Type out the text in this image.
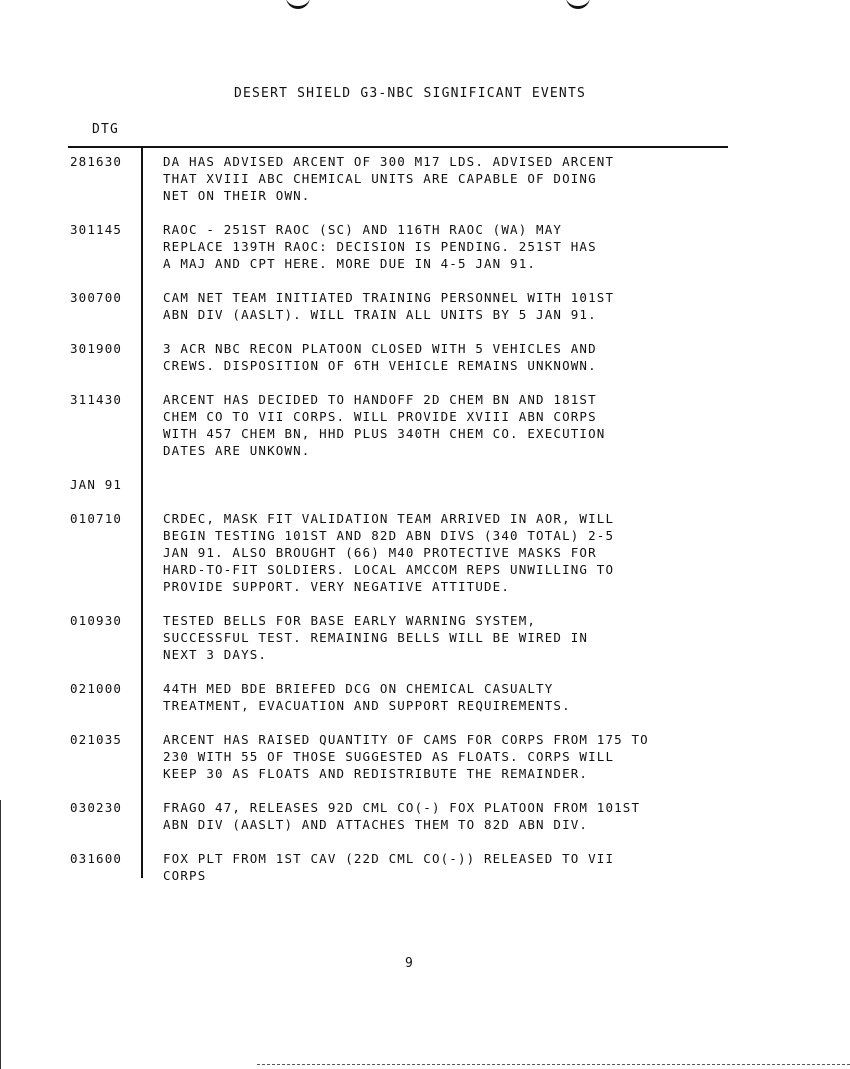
DESERT SHIELD G3-NBC SIGNIFICANT EVENTS
DTG
281630	DA HAS ADVISED ARCENT OF 300 M17 LDS. ADVISED ARCENT
THAT XVIII ABC CHEMICAL UNITS ARE CAPABLE OF DOING
NET ON THEIR OWN.
301145	RAOC - 251ST RAOC (SC) AND 116TH RAOC (WA) MAY
REPLACE 139TH RAOC: DECISION IS PENDING. 251ST HAS
A MAJ AND CPT HERE. MORE DUE IN 4-5 JAN 91.
300700	CAM NET TEAM INITIATED TRAINING PERSONNEL WITH 101ST
ABN DIV (AASLT). WILL TRAIN ALL UNITS BY 5 JAN 91.
301900	3 ACR NBC RECON PLATOON CLOSED WITH 5 VEHICLES AND
CREWS. DISPOSITION OF 6TH VEHICLE REMAINS UNKNOWN.
311430	ARCENT HAS DECIDED TO HANDOFF 2D CHEM BN AND 181ST
CHEM CO TO VII CORPS. WILL PROVIDE XVIII ABN CORPS
WITH 457 CHEM BN, HHD PLUS 340TH CHEM CO. EXECUTION
DATES ARE UNKOWN.
JAN 91
010710	CRDEC, MASK FIT VALIDATION TEAM ARRIVED IN AOR, WILL
BEGIN TESTING 101ST AND 82D ABN DIVS (340 TOTAL) 2-5
JAN 91. ALSO BROUGHT (66) M40 PROTECTIVE MASKS FOR
HARD-TO-FIT SOLDIERS. LOCAL AMCCOM REPS UNWILLING TO
PROVIDE SUPPORT. VERY NEGATIVE ATTITUDE.
010930	TESTED BELLS FOR BASE EARLY WARNING SYSTEM,
SUCCESSFUL TEST. REMAINING BELLS WILL BE WIRED IN
NEXT 3 DAYS.
021000	44TH MED BDE BRIEFED DCG ON CHEMICAL CASUALTY
TREATMENT, EVACUATION AND SUPPORT REQUIREMENTS.
021035	ARCENT HAS RAISED QUANTITY OF CAMS FOR CORPS FROM 175 TO
230 WITH 55 OF THOSE SUGGESTED AS FLOATS. CORPS WILL
KEEP 30 AS FLOATS AND REDISTRIBUTE THE REMAINDER.
030230	FRAGO 47, RELEASES 92D CML CO(-) FOX PLATOON FROM 101ST
ABN DIV (AASLT) AND ATTACHES THEM TO 82D ABN DIV.
031600	FOX PLT FROM 1ST CAV (22D CML CO(-)) RELEASED TO VII
CORPS
9
